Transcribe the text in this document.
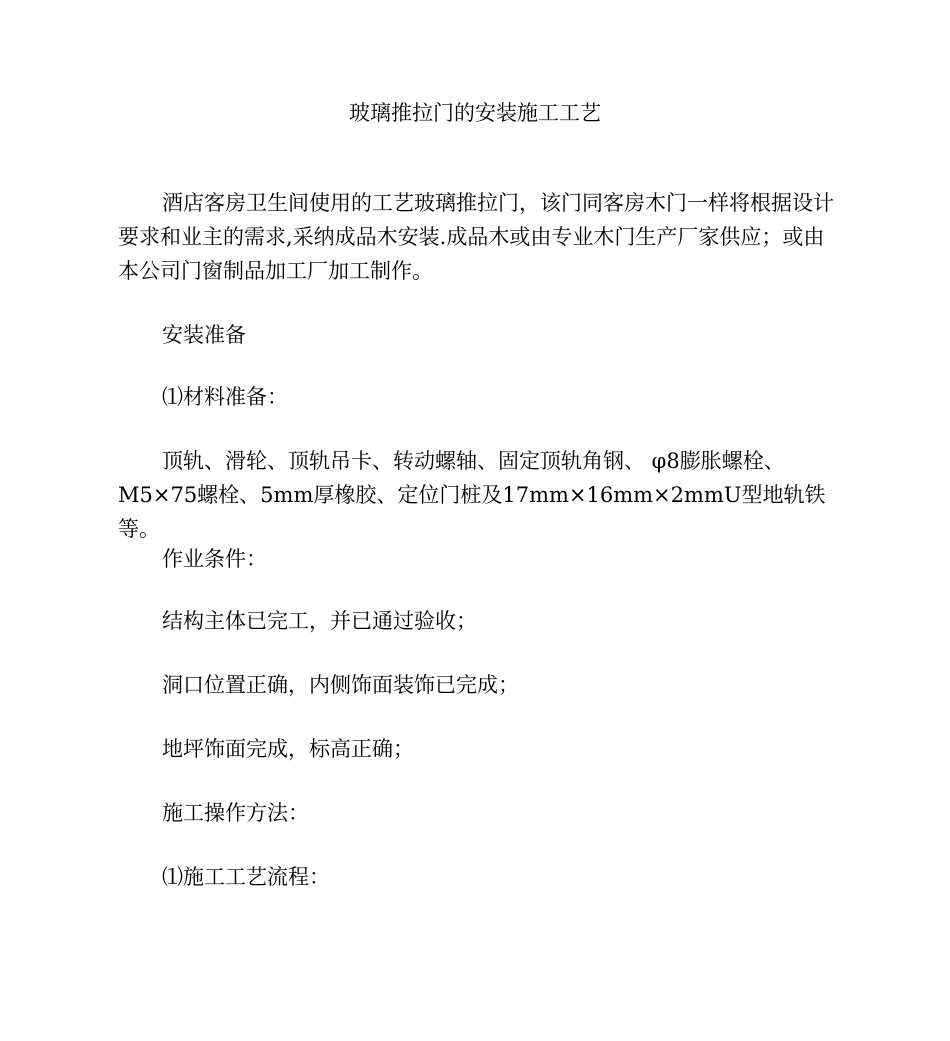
玻璃推拉门的安装施工工艺

酒店客房卫生间使用的工艺玻璃推拉门，该门同客房木门一样将根据设计要求和业主的需求,采纳成品木安装.成品木或由专业木门生产厂家供应；或由本公司门窗制品加工厂加工制作。

安装准备

⑴材料准备：

顶轨、滑轮、顶轨吊卡、转动螺轴、固定顶轨角钢、 φ8膨胀螺栓、M5×75螺栓、5mm厚橡胶、定位门桩及17mm×16mm×2mmU型地轨铁等。

作业条件：

结构主体已完工，并已通过验收；

洞口位置正确，内侧饰面装饰已完成；

地坪饰面完成，标高正确；

施工操作方法：

⑴施工工艺流程：
